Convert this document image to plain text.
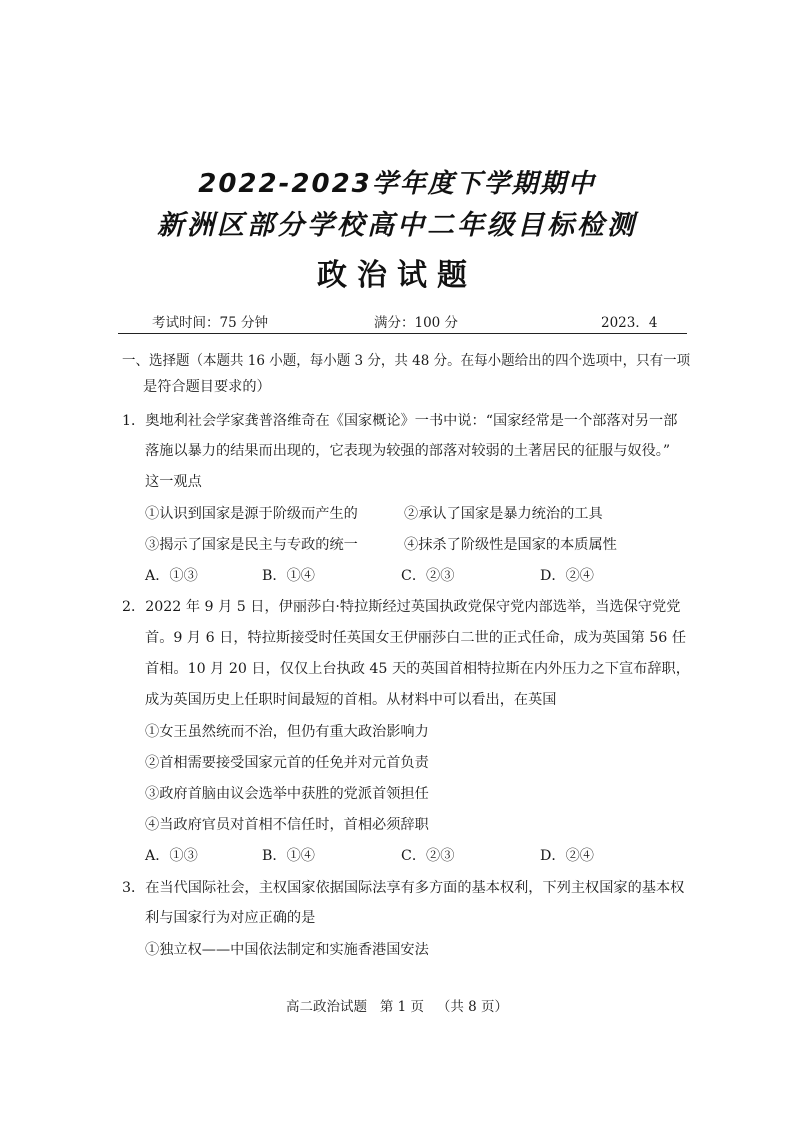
2022-2023学年度下学期期中
新洲区部分学校高中二年级目标检测
政治试题
考试时间：75 分钟	满分：100 分	2023．4
一、选择题（本题共 16 小题，每小题 3 分，共 48 分。在每小题给出的四个选项中，只有一项
是符合题目要求的）
1．奥地利社会学家龚普洛维奇在《国家概论》一书中说：“国家经常是一个部落对另一部
落施以暴力的结果而出现的，它表现为较强的部落对较弱的土著居民的征服与奴役。”
这一观点
①认识到国家是源于阶级而产生的	②承认了国家是暴力统治的工具
③揭示了国家是民主与专政的统一	④抹杀了阶级性是国家的本质属性
A．①③	B．①④	C．②③	D．②④
2．2022 年 9 月 5 日，伊丽莎白·特拉斯经过英国执政党保守党内部选举，当选保守党党
首。9 月 6 日，特拉斯接受时任英国女王伊丽莎白二世的正式任命，成为英国第 56 任
首相。10 月 20 日，仅仅上台执政 45 天的英国首相特拉斯在内外压力之下宣布辞职，
成为英国历史上任职时间最短的首相。从材料中可以看出，在英国
①女王虽然统而不治，但仍有重大政治影响力
②首相需要接受国家元首的任免并对元首负责
③政府首脑由议会选举中获胜的党派首领担任
④当政府官员对首相不信任时，首相必须辞职
A．①③	B．①④	C．②③	D．②④
3．在当代国际社会，主权国家依据国际法享有多方面的基本权利，下列主权国家的基本权
利与国家行为对应正确的是
①独立权——中国依法制定和实施香港国安法
高二政治试题   第 1 页   （共 8 页）
